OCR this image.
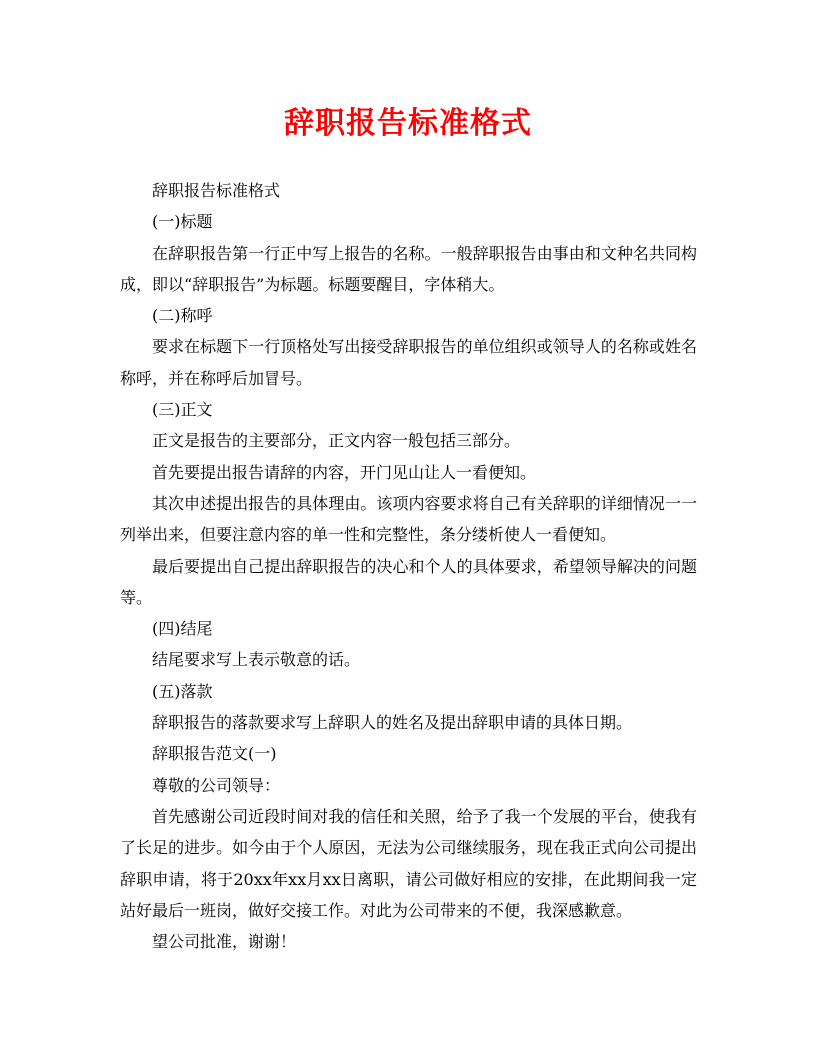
辞职报告标准格式

辞职报告标准格式

(一)标题

在辞职报告第一行正中写上报告的名称。一般辞职报告由事由和文种名共同构成，即以“辞职报告”为标题。标题要醒目，字体稍大。

(二)称呼

要求在标题下一行顶格处写出接受辞职报告的单位组织或领导人的名称或姓名称呼，并在称呼后加冒号。

(三)正文

正文是报告的主要部分，正文内容一般包括三部分。

首先要提出报告请辞的内容，开门见山让人一看便知。

其次申述提出报告的具体理由。该项内容要求将自己有关辞职的详细情况一一列举出来，但要注意内容的单一性和完整性，条分缕析使人一看便知。

最后要提出自己提出辞职报告的决心和个人的具体要求，希望领导解决的问题等。

(四)结尾

结尾要求写上表示敬意的话。

(五)落款

辞职报告的落款要求写上辞职人的姓名及提出辞职申请的具体日期。

辞职报告范文(一)

尊敬的公司领导：

首先感谢公司近段时间对我的信任和关照，给予了我一个发展的平台，使我有了长足的进步。如今由于个人原因，无法为公司继续服务，现在我正式向公司提出辞职申请，将于20xx年xx月xx日离职，请公司做好相应的安排，在此期间我一定站好最后一班岗，做好交接工作。对此为公司带来的不便，我深感歉意。

望公司批准，谢谢！
